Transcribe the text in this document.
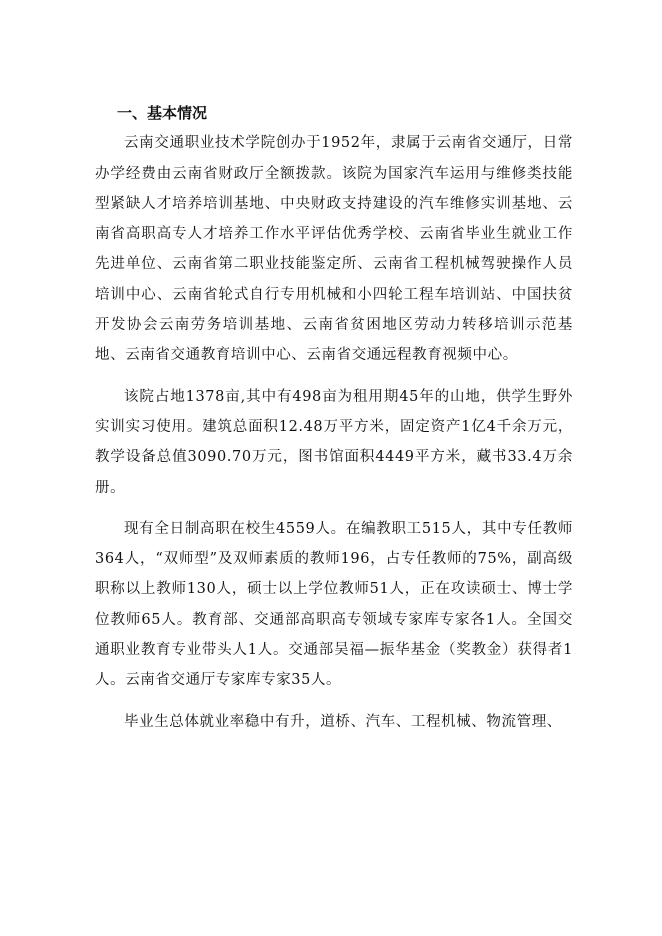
一、基本情况

云南交通职业技术学院创办于1952年，隶属于云南省交通厅，日常办学经费由云南省财政厅全额拨款。该院为国家汽车运用与维修类技能型紧缺人才培养培训基地、中央财政支持建设的汽车维修实训基地、云南省高职高专人才培养工作水平评估优秀学校、云南省毕业生就业工作先进单位、云南省第二职业技能鉴定所、云南省工程机械驾驶操作人员培训中心、云南省轮式自行专用机械和小四轮工程车培训站、中国扶贫开发协会云南劳务培训基地、云南省贫困地区劳动力转移培训示范基地、云南省交通教育培训中心、云南省交通远程教育视频中心。

该院占地1378亩,其中有498亩为租用期45年的山地，供学生野外实训实习使用。建筑总面积12.48万平方米，固定资产1亿4千余万元，教学设备总值3090.70万元，图书馆面积4449平方米，藏书33.4万余册。

现有全日制高职在校生4559人。在编教职工515人，其中专任教师364人，“双师型”及双师素质的教师196，占专任教师的75%，副高级职称以上教师130人，硕士以上学位教师51人，正在攻读硕士、博士学位教师65人。教育部、交通部高职高专领域专家库专家各1人。全国交通职业教育专业带头人1人。交通部吴福—振华基金（奖教金）获得者1人。云南省交通厅专家库专家35人。

毕业生总体就业率稳中有升，道桥、汽车、工程机械、物流管理、
